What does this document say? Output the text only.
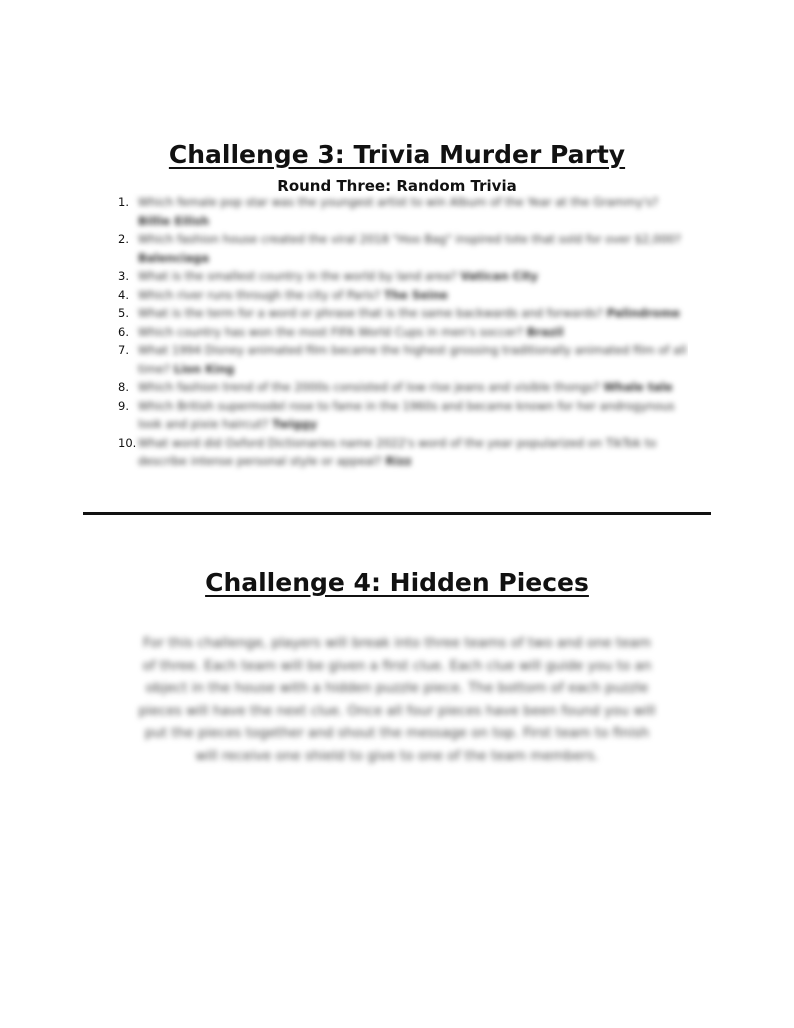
Challenge 3: Trivia Murder Party
Round Three: Random Trivia
1. Which female pop star was the youngest artist to win Album of the Year at the Grammy's? Billie Eilish
2. Which fashion house created the viral 2018 "Hoo Bag" inspired tote that sold for over $2,000? Balenciaga
3. What is the smallest country in the world by land area? Vatican City
4. Which river runs through the city of Paris? The Seine
5. What is the term for a word or phrase that is the same backwards and forwards? Palindrome
6. Which country has won the most FIFA World Cups in men's soccer? Brazil
7. What 1994 Disney animated film became the highest grossing traditionally animated film of all time? Lion King
8. Which fashion trend of the 2000s consisted of low rise jeans and visible thongs? Whale tale
9. Which British supermodel rose to fame in the 1960s and became known for her androgynous look and pixie haircut? Twiggy
10. What word did Oxford Dictionaries name 2022's word of the year popularized on TikTok to describe intense personal style or appeal? Rizz
Challenge 4: Hidden Pieces

For this challenge, players will break into three teams of two and one team of three. Each team will be given a first clue. Each clue will guide you to an object in the house with a hidden puzzle piece. The bottom of each puzzle pieces will have the next clue. Once all four pieces have been found you will put the pieces together and shout the message on top. First team to finish will receive one shield to give to one of the team members.
